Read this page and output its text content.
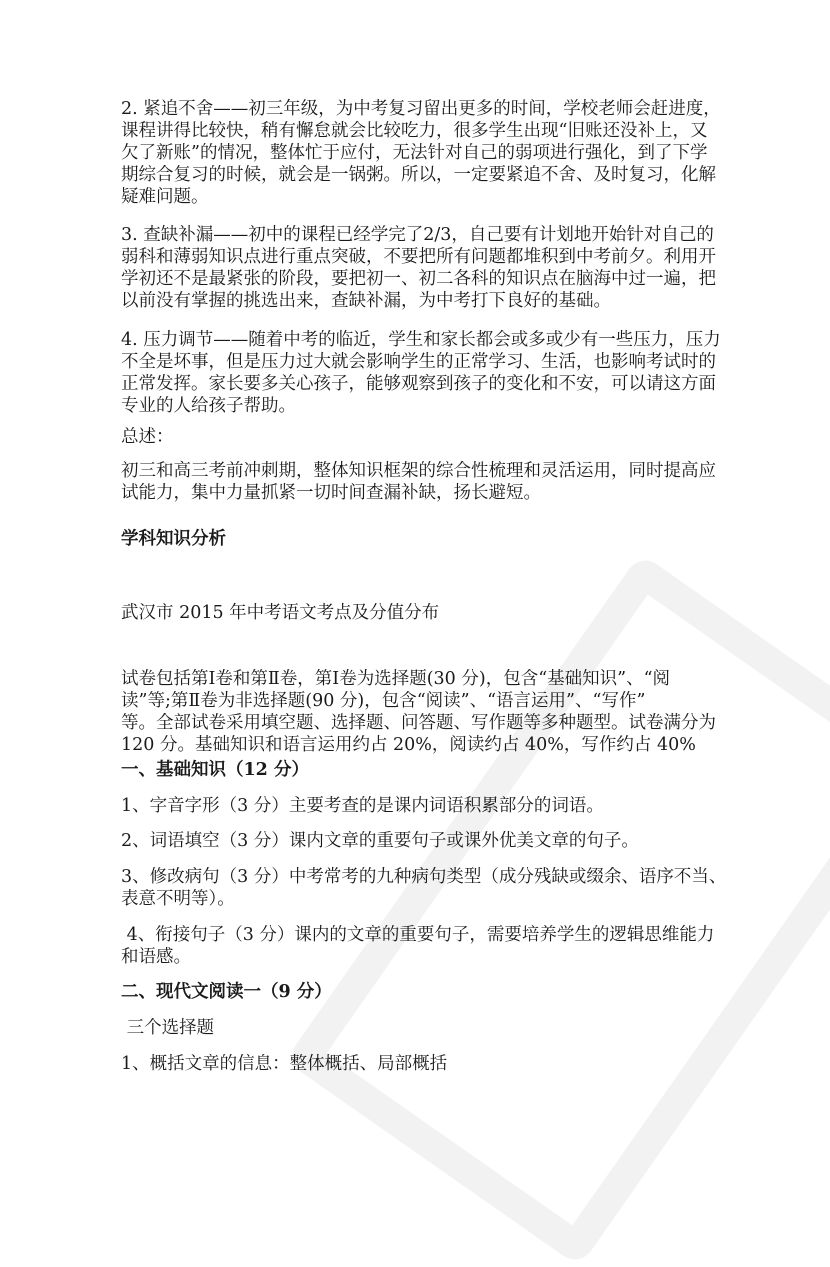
2. 紧追不舍——初三年级，为中考复习留出更多的时间，学校老师会赶进度，
课程讲得比较快，稍有懈怠就会比较吃力，很多学生出现“旧账还没补上，又
欠了新账”的情况，整体忙于应付，无法针对自己的弱项进行强化，到了下学
期综合复习的时候，就会是一锅粥。所以，一定要紧追不舍、及时复习，化解
疑难问题。
3. 查缺补漏——初中的课程已经学完了2/3，自己要有计划地开始针对自己的
弱科和薄弱知识点进行重点突破，不要把所有问题都堆积到中考前夕。利用开
学初还不是最紧张的阶段，要把初一、初二各科的知识点在脑海中过一遍，把
以前没有掌握的挑选出来，查缺补漏，为中考打下良好的基础。
4. 压力调节——随着中考的临近，学生和家长都会或多或少有一些压力，压力
不全是坏事，但是压力过大就会影响学生的正常学习、生活，也影响考试时的
正常发挥。家长要多关心孩子，能够观察到孩子的变化和不安，可以请这方面
专业的人给孩子帮助。
总述：
初三和高三考前冲刺期，整体知识框架的综合性梳理和灵活运用，同时提高应
试能力，集中力量抓紧一切时间查漏补缺，扬长避短。
学科知识分析
武汉市 2015 年中考语文考点及分值分布
试卷包括第Ⅰ卷和第Ⅱ卷，第Ⅰ卷为选择题(30 分)，包含“基础知识”、“阅
读”等;第Ⅱ卷为非选择题(90 分)，包含“阅读”、“语言运用”、“写作”
等。全部试卷采用填空题、选择题、问答题、写作题等多种题型。试卷满分为
120 分。基础知识和语言运用约占 20%，阅读约占 40%，写作约占 40%
一、基础知识（12 分）
1、字音字形（3 分）主要考查的是课内词语积累部分的词语。
2、词语填空（3 分）课内文章的重要句子或课外优美文章的句子。
3、修改病句（3 分）中考常考的九种病句类型（成分残缺或缀余、语序不当、
表意不明等）。
4、衔接句子（3 分）课内的文章的重要句子，需要培养学生的逻辑思维能力
和语感。
二、现代文阅读一（9 分）
三个选择题
1、概括文章的信息：整体概括、局部概括
